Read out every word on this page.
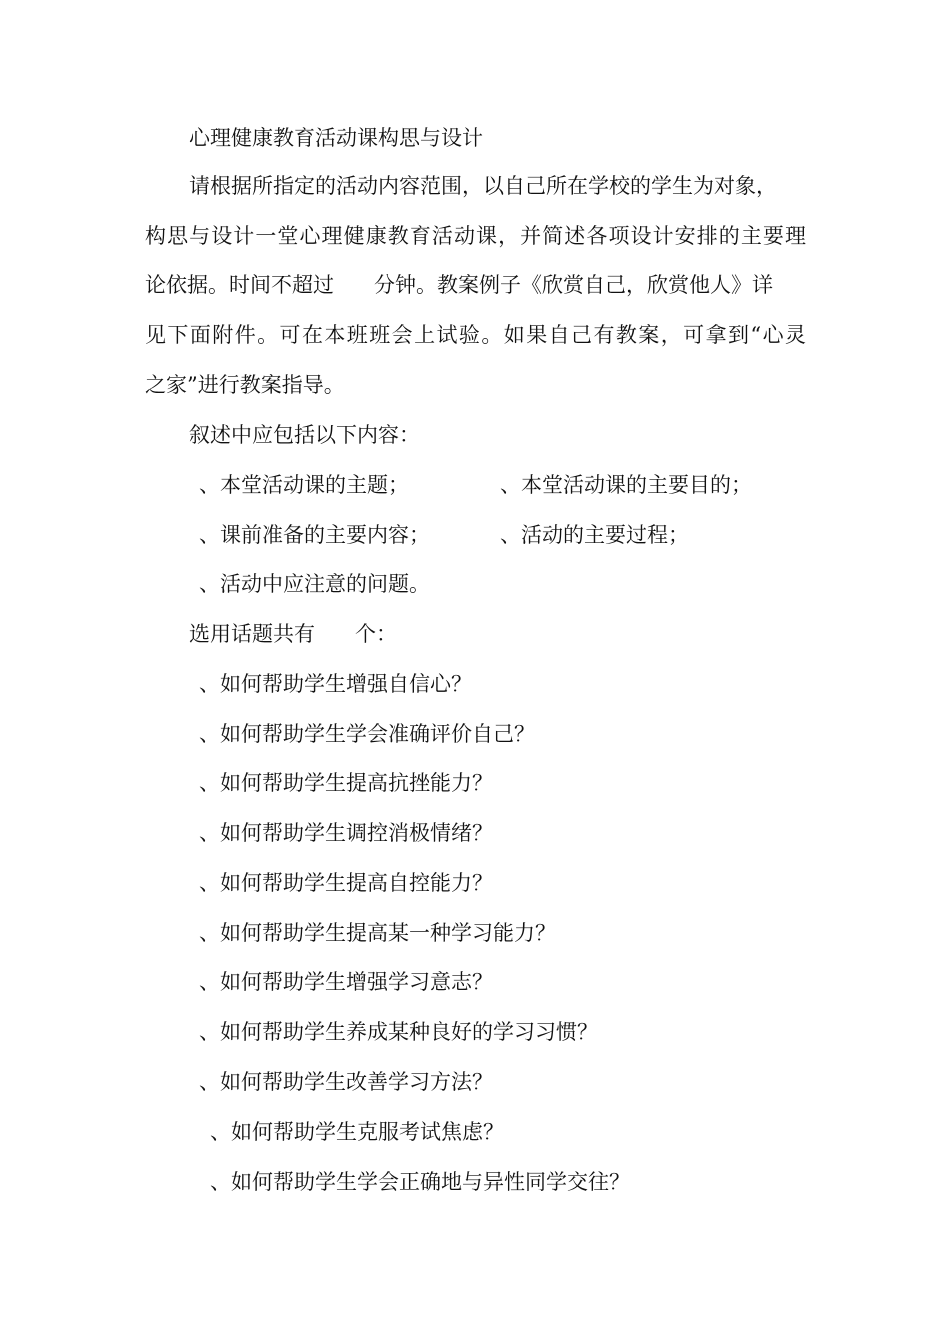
心理健康教育活动课构思与设计
请根据所指定的活动内容范围，以自己所在学校的学生为对象，
构思与设计一堂心理健康教育活动课，并简述各项设计安排的主要理
论依据。时间不超过      分钟。教案例子《欣赏自己，欣赏他人》详
见下面附件。可在本班班会上试验。如果自己有教案，可拿到“心灵
之家”进行教案指导。
叙述中应包括以下内容：
、本堂活动课的主题；	、本堂活动课的主要目的；
、课前准备的主要内容；	、活动的主要过程；
、活动中应注意的问题。
选用话题共有      个：
、如何帮助学生增强自信心？
、如何帮助学生学会准确评价自己？
、如何帮助学生提高抗挫能力？
、如何帮助学生调控消极情绪？
、如何帮助学生提高自控能力？
、如何帮助学生提高某一种学习能力？
、如何帮助学生增强学习意志？
、如何帮助学生养成某种良好的学习习惯？
、如何帮助学生改善学习方法？
、如何帮助学生克服考试焦虑？
、如何帮助学生学会正确地与异性同学交往？
